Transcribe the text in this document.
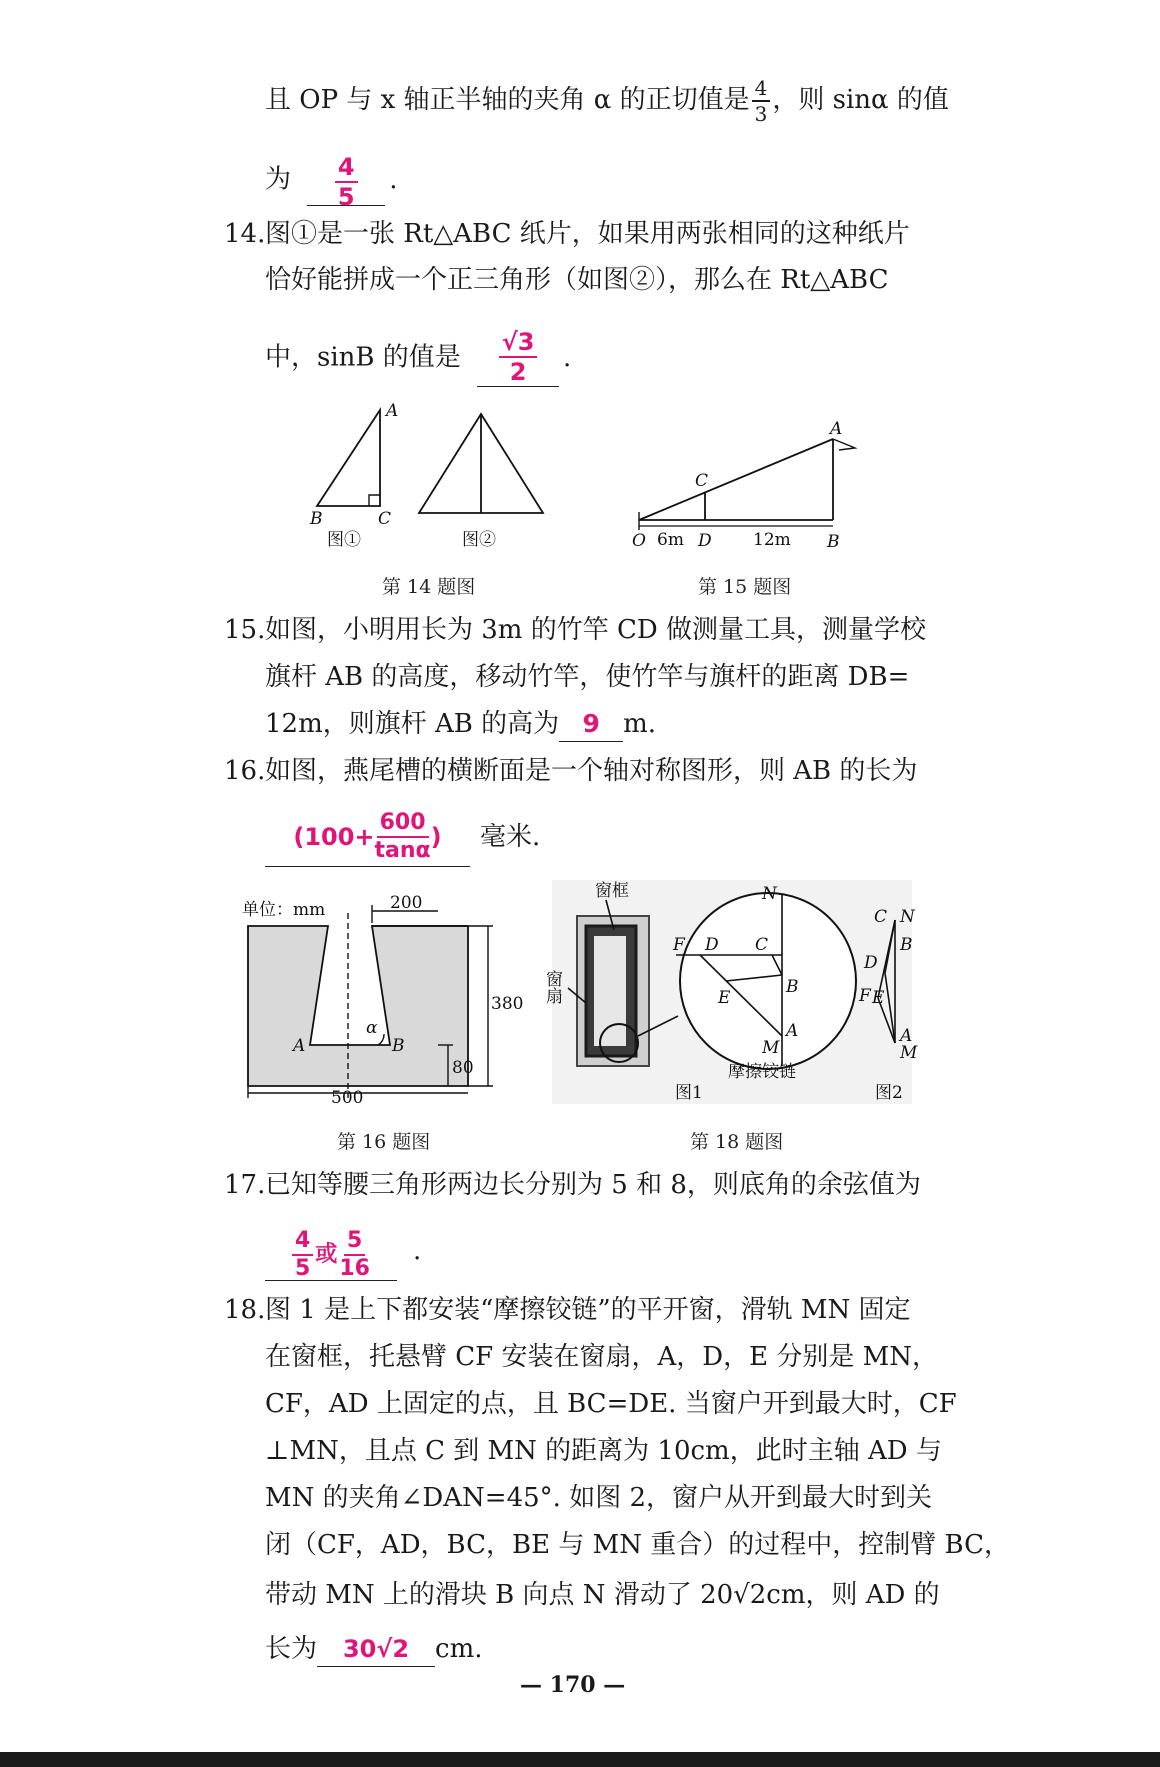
且 OP 与 x 轴正半轴的夹角 α 的正切值是 $\frac{4}{3}$ ，则 sinα 的值
为 $\frac{4}{5}$ .
14. 图①是一张 Rt△ABC 纸片，如果用两张相同的这种纸片
恰好能拼成一个正三角形（如图②），那么在 Rt△ABC
中，sinB 的值是 $\frac{√3}{2}$ .
A
B	C
图①	图②
第 14 题图
A
C
O 6m D 12m B
第 15 题图
15. 如图，小明用长为 3m 的竹竿 CD 做测量工具，测量学校
旗杆 AB 的高度，移动竹竿，使竹竿与旗杆的距离 DB=
12m，则旗杆 AB 的高为 9 m.
16. 如图，燕尾槽的横断面是一个轴对称图形，则 AB 的长为
($100+ \frac{600}{\tan\alpha}$ ) 毫米.
单位：mm	200
380
80
500
A	B
α
第 16 题图
窗框
窗扇
N
F D C
B
E
A
M
摩擦铰链
图1	图2
C N
B
D
F E
A
M
第 18 题图
17. 已知等腰三角形两边长分别为 5 和 8，则底角的余弦值为
$\frac{4}{5}$ 或 $\frac{5}{16}$ .
18. 图 1 是上下都安装“摩擦铰链”的平开窗，滑轨 MN 固定
在窗框，托悬臂 CF 安装在窗扇，A，D，E 分别是 MN，
CF，AD 上固定的点，且 BC=DE. 当窗户开到最大时，CF
⊥MN，且点 C 到 MN 的距离为 10cm，此时主轴 AD 与
MN 的夹角∠DAN=45°. 如图 2，窗户从开到最大时到关
闭（CF，AD，BC，BE 与 MN 重合）的过程中，控制臂 BC，
带动 MN 上的滑块 B 向点 N 滑动了 20√2cm，则 AD 的
长为 30√2 cm.
— 170 —
